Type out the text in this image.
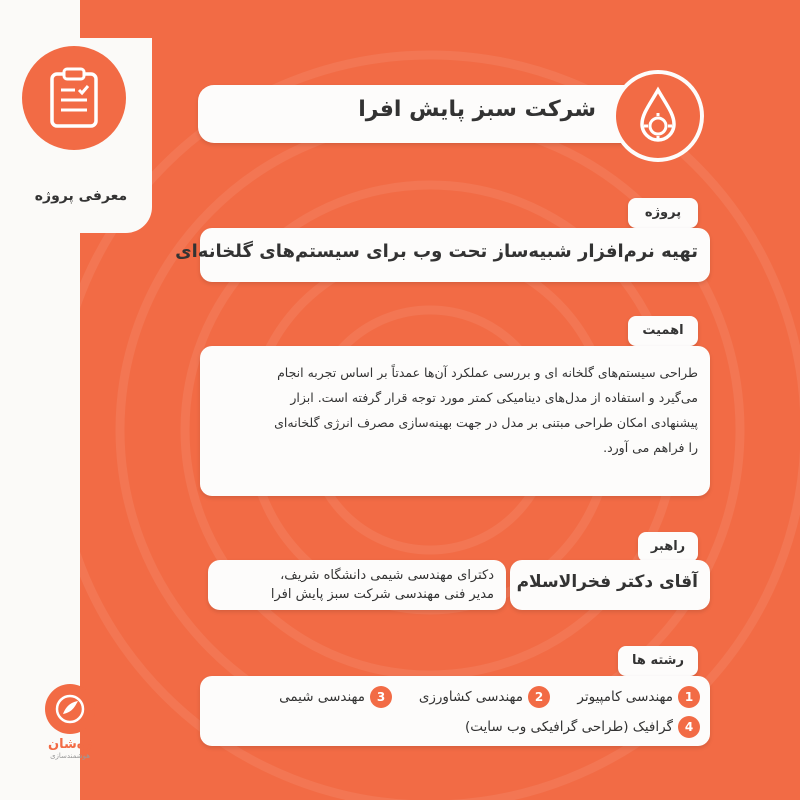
معرفی پروژه
شرکت سبز پایش افرا
پروژه
تهیه نرم‌افزار شبیه‌ساز تحت وب برای سیستم‌های گلخانه‌ای
اهمیت
طراحی سیستم‌های گلخانه ای و بررسی عملکرد آن‌ها عمدتاً بر اساس تجربه انجام
می‌گیرد و استفاده از مدل‌های دینامیکی کمتر مورد توجه قرار گرفته است. ابزار
پیشنهادی امکان طراحی مبتنی بر مدل در جهت بهینه‌سازی مصرف انرژی گلخانه‌ای
را فراهم می آورد.
راهبر
آقای دکتر فخرالاسلام
دکترای مهندسی شیمی دانشگاه شریف،
مدیر فنی مهندسی شرکت سبز پایش افرا
رشته ها
1
مهندسی کامپیوتر
2
مهندسی کشاورزی
3
مهندسی شیمی
4
گرافیک (طراحی گرافیکی وب سایت)
ره‌شان
هوشمندسازی
